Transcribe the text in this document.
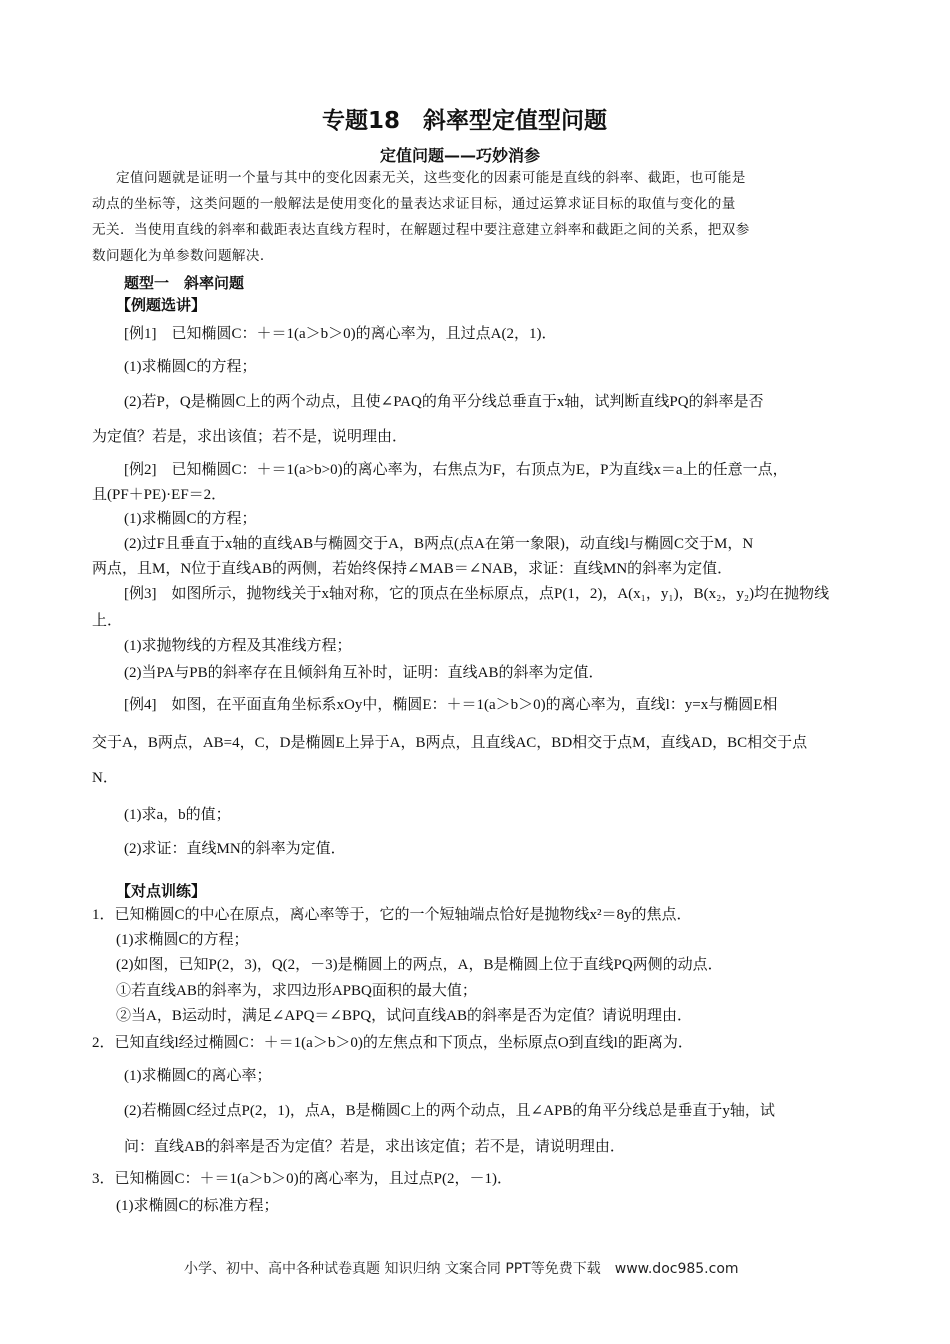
专题18　斜率型定值型问题
定值问题——巧妙消参
定值问题就是证明一个量与其中的变化因素无关，这些变化的因素可能是直线的斜率、截距，也可能是
动点的坐标等，这类问题的一般解法是使用变化的量表达求证目标，通过运算求证目标的取值与变化的量
无关．当使用直线的斜率和截距表达直线方程时，在解题过程中要注意建立斜率和截距之间的关系，把双参
数问题化为单参数问题解决．
题型一　斜率问题
【例题选讲】
[例1]　已知椭圆C：＋＝1(a＞b＞0)的离心率为，且过点A(2，1)．
(1)求椭圆C的方程；
(2)若P，Q是椭圆C上的两个动点，且使∠PAQ的角平分线总垂直于x轴，试判断直线PQ的斜率是否
为定值？若是，求出该值；若不是，说明理由．
[例2]　已知椭圆C：＋＝1(a>b>0)的离心率为，右焦点为F，右顶点为E，P为直线x＝a上的任意一点，
且(PF＋PE)·EF＝2．
(1)求椭圆C的方程；
(2)过F且垂直于x轴的直线AB与椭圆交于A，B两点(点A在第一象限)，动直线l与椭圆C交于M，N
两点，且M，N位于直线AB的两侧，若始终保持∠MAB＝∠NAB，求证：直线MN的斜率为定值．
[例3]　如图所示，抛物线关于x轴对称，它的顶点在坐标原点，点P(1，2)，A(x₁，y₁)，B(x₂，y₂)均在抛物线
上．
(1)求抛物线的方程及其准线方程；
(2)当PA与PB的斜率存在且倾斜角互补时，证明：直线AB的斜率为定值．
[例4]　如图，在平面直角坐标系xOy中，椭圆E：＋＝1(a＞b＞0)的离心率为，直线l：y=x与椭圆E相
交于A，B两点，AB=4，C，D是椭圆E上异于A，B两点，且直线AC，BD相交于点M，直线AD，BC相交于点
N．
(1)求a，b的值；
(2)求证：直线MN的斜率为定值．
【对点训练】
1．已知椭圆C的中心在原点，离心率等于，它的一个短轴端点恰好是抛物线x²＝8y的焦点．
(1)求椭圆C的方程；
(2)如图，已知P(2，3)，Q(2，－3)是椭圆上的两点，A，B是椭圆上位于直线PQ两侧的动点．
①若直线AB的斜率为，求四边形APBQ面积的最大值；
②当A，B运动时，满足∠APQ＝∠BPQ，试问直线AB的斜率是否为定值？请说明理由．
2．已知直线l经过椭圆C：＋＝1(a＞b＞0)的左焦点和下顶点，坐标原点O到直线l的距离为．
(1)求椭圆C的离心率；
(2)若椭圆C经过点P(2，1)，点A，B是椭圆C上的两个动点，且∠APB的角平分线总是垂直于y轴，试
问：直线AB的斜率是否为定值？若是，求出该定值；若不是，请说明理由．
3．已知椭圆C：＋＝1(a＞b＞0)的离心率为，且过点P(2，－1)．
(1)求椭圆C的标准方程；
小学、初中、高中各种试卷真题 知识归纳 文案合同 PPT等免费下载　www.doc985.com
